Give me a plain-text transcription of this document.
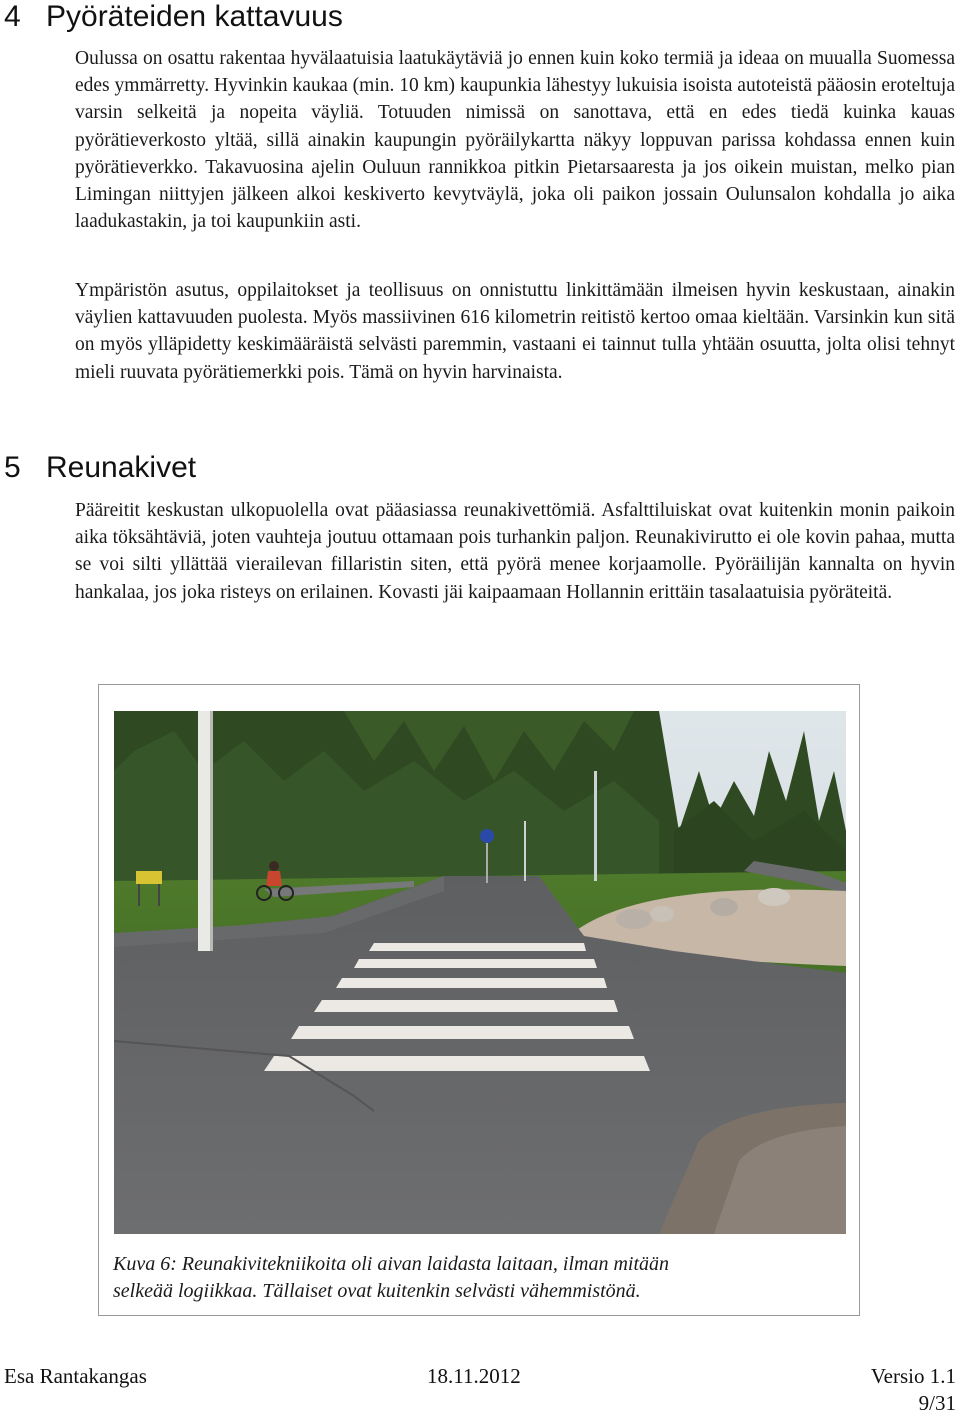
4 Pyöräteiden kattavuus

Oulussa on osattu rakentaa hyvälaatuisia laatukäytäviä jo ennen kuin koko termiä ja ideaa on muualla Suomessa edes ymmärretty. Hyvinkin kaukaa (min. 10 km) kaupunkia lähestyy lukuisia isoista autoteistä pääosin eroteltuja varsin selkeitä ja nopeita väyliä. Totuuden nimissä on sanottava, että en edes tiedä kuinka kauas pyörätieverkosto yltää, sillä ainakin kaupungin pyöräilykartta näkyy loppuvan parissa kohdassa ennen kuin pyörätieverkko. Takavuosina ajelin Ouluun rannikkoa pitkin Pietarsaaresta ja jos oikein muistan, melko pian Limingan niittyjen jälkeen alkoi keskiverto kevytväylä, joka oli paikon jossain Oulunsalon kohdalla jo aika laadukastakin, ja toi kaupunkiin asti.

Ympäristön asutus, oppilaitokset ja teollisuus on onnistuttu linkittämään ilmeisen hyvin keskustaan, ainakin väylien kattavuuden puolesta. Myös massiivinen 616 kilometrin reitistö kertoo omaa kieltään. Varsinkin kun sitä on myös ylläpidetty keskimääräistä selvästi paremmin, vastaani ei tainnut tulla yhtään osuutta, jolta olisi tehnyt mieli ruuvata pyörätiemerkki pois. Tämä on hyvin harvinaista.

5 Reunakivet

Pääreitit keskustan ulkopuolella ovat pääasiassa reunakivettömiä. Asfalttiluiskat ovat kuitenkin monin paikoin aika töksähtäviä, joten vauhteja joutuu ottamaan pois turhankin paljon. Reunakivirutto ei ole kovin pahaa, mutta se voi silti yllättää vierailevan fillaristin siten, että pyörä menee korjaamolle. Pyöräilijän kannalta on hyvin hankalaa, jos joka risteys on erilainen. Kovasti jäi kaipaamaan Hollannin erittäin tasalaatuisia pyöräteitä.

Kuva 6: Reunakivitekniikoita oli aivan laidasta laitaan, ilman mitään
selkeää logiikkaa. Tällaiset ovat kuitenkin selvästi vähemmistönä.

Esa Rantakangas	18.11.2012	Versio 1.1
9/31
